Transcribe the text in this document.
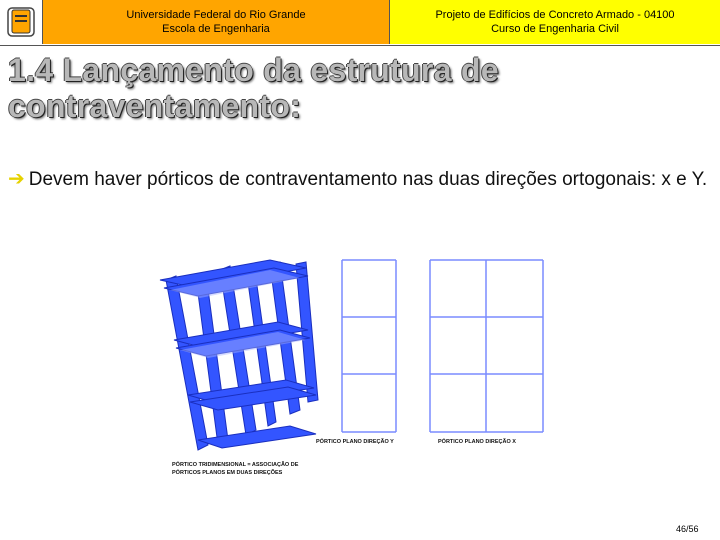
Universidade Federal do Rio Grande
Escola de Engenharia
Projeto de Edifícios de Concreto Armado - 04100
Curso de Engenharia Civil
1.4 Lançamento da estrutura de
contraventamento:
➔ Devem haver pórticos de contraventamento nas duas direções ortogonais: x e Y.
PÓRTICO PLANO DIREÇÃO Y	PÓRTICO PLANO DIREÇÃO X
PÓRTICO TRIDIMENSIONAL = ASSOCIAÇÃO DE
PÓRTICOS PLANOS EM DUAS DIREÇÕES
46/56
